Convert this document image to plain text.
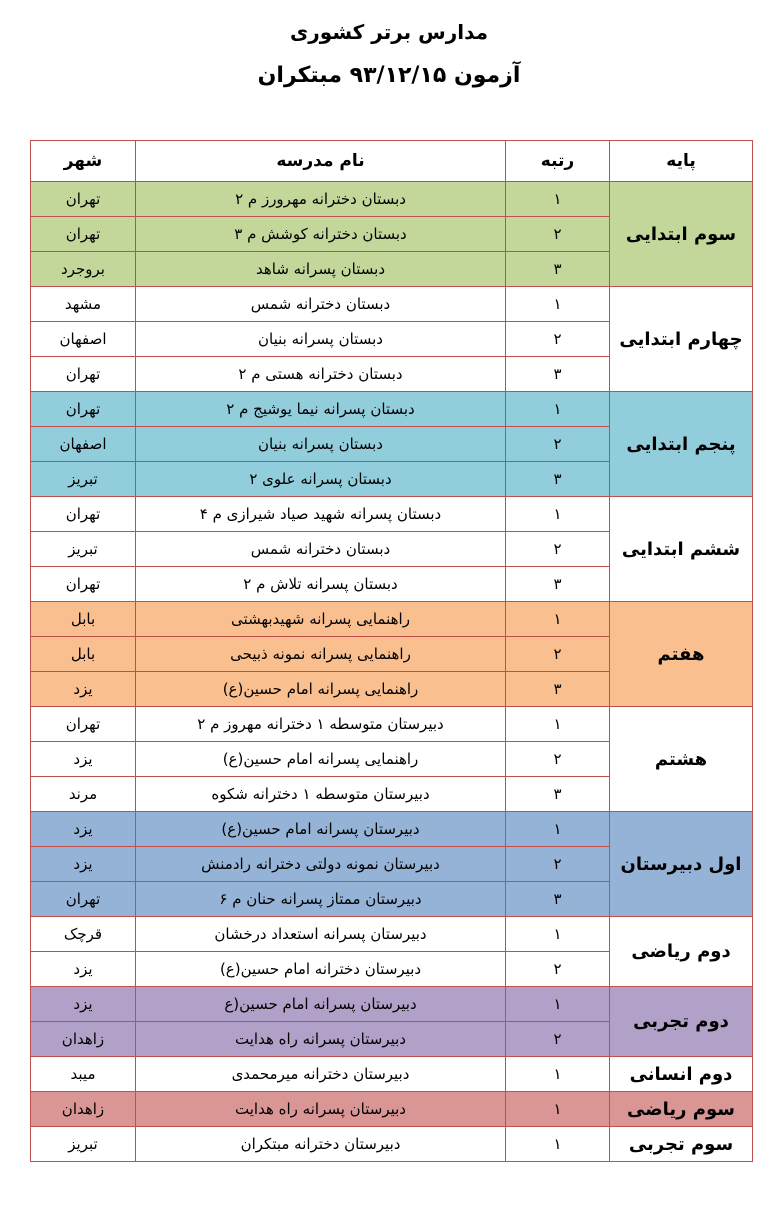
مدارس برتر کشوری
آزمون ۹۳/۱۲/۱۵ مبتکران
پایه	رتبه	نام مدرسه	شهر
سوم ابتدایی	۱	دبستان دخترانه مهرورز م ۲	تهران
	۲	دبستان دخترانه کوشش م ۳	تهران
	۳	دبستان پسرانه شاهد	بروجرد
چهارم ابتدایی	۱	دبستان دخترانه شمس	مشهد
	۲	دبستان پسرانه بنیان	اصفهان
	۳	دبستان دخترانه هستی م ۲	تهران
پنجم ابتدایی	۱	دبستان پسرانه نیما یوشیج م ۲	تهران
	۲	دبستان پسرانه بنیان	اصفهان
	۳	دبستان پسرانه علوی ۲	تبریز
ششم ابتدایی	۱	دبستان پسرانه شهید صیاد شیرازی م ۴	تهران
	۲	دبستان دخترانه شمس	تبریز
	۳	دبستان پسرانه تلاش م ۲	تهران
هفتم	۱	راهنمایی پسرانه شهیدبهشتی	بابل
	۲	راهنمایی پسرانه نمونه ذبیحی	بابل
	۳	راهنمایی پسرانه امام حسین(ع)	یزد
هشتم	۱	دبیرستان متوسطه ۱ دخترانه مهروز م ۲	تهران
	۲	راهنمایی پسرانه امام حسین(ع)	یزد
	۳	دبیرستان متوسطه ۱ دخترانه شکوه	مرند
اول دبیرستان	۱	دبیرستان پسرانه امام حسین(ع)	یزد
	۲	دبیرستان نمونه دولتی دخترانه رادمنش	یزد
	۳	دبیرستان ممتاز پسرانه حنان م ۶	تهران
دوم ریاضی	۱	دبیرستان پسرانه استعداد درخشان	قرچک
	۲	دبیرستان دخترانه امام حسین(ع)	یزد
دوم تجربی	۱	دبیرستان پسرانه امام حسین(ع	یزد
	۲	دبیرستان پسرانه راه هدایت	زاهدان
دوم انسانی	۱	دبیرستان دخترانه میرمحمدی	میبد
سوم ریاضی	۱	دبیرستان پسرانه راه هدایت	زاهدان
سوم تجربی	۱	دبیرستان دخترانه مبتکران	تبریز
